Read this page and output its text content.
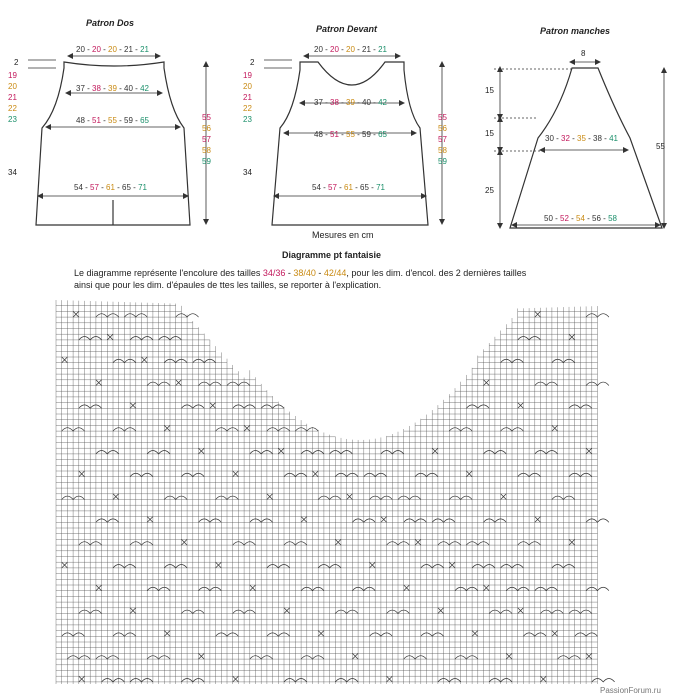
Patron Dos
20 - 20 - 20 - 21 - 21
37 - 38 - 39 - 40 - 42
48 - 51 - 55 - 59 - 65
54 - 57 - 61 - 65 - 71
2
19
20
21
22
23
34
55
56
57
58
59
Patron Devant
20 - 20 - 20 - 21 - 21
37 - 38 - 39 - 40 - 42
48 - 51 - 55 - 59 - 65
54 - 57 - 61 - 65 - 71
2
19
20
21
22
23
34
55
56
57
58
59
Patron manches
8
15
15
25
55
30 - 32 - 35 - 38 - 41
50 - 52 - 54 - 56 - 58
Mesures en cm
Diagramme pt fantaisie
Le diagramme représente l'encolure des tailles 34/36 - 38/40 - 42/44, pour les dim. d'encol. des 2 dernières tailles
ainsi que pour les dim. d'épaules de ttes les tailles, se reporter à l'explication.
PassionForum.ru
